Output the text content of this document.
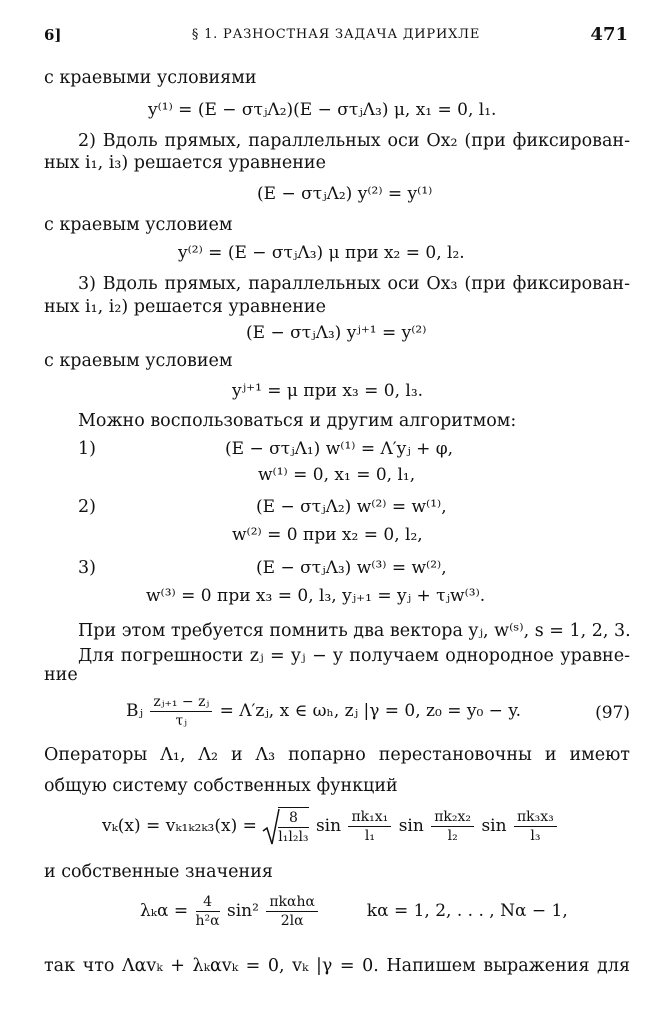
6]	§ 1. РАЗНОСТНАЯ ЗАДАЧА ДИРИХЛЕ	471
с краевыми условиями
y⁽¹⁾ = (E − στⱼΛ₂)(E − στⱼΛ₃) μ, x₁ = 0, l₁.
2) Вдоль прямых, параллельных оси Ox₂ (при фиксирован-
ных i₁, i₃) решается уравнение
(E − στⱼΛ₂) y⁽²⁾ = y⁽¹⁾
с краевым условием
y⁽²⁾ = (E − στⱼΛ₃) μ при x₂ = 0, l₂.
3) Вдоль прямых, параллельных оси Ox₃ (при фиксирован-
ных i₁, i₂) решается уравнение
(E − στⱼΛ₃) yʲ⁺¹ = y⁽²⁾
с краевым условием
yʲ⁺¹ = μ при x₃ = 0, l₃.
Можно воспользоваться и другим алгоритмом:
1)	(E − στⱼΛ₁) w⁽¹⁾ = Λ′yⱼ + φ,
w⁽¹⁾ = 0, x₁ = 0, l₁,
2)	(E − στⱼΛ₂) w⁽²⁾ = w⁽¹⁾,
w⁽²⁾ = 0 при x₂ = 0, l₂,
3)	(E − στⱼΛ₃) w⁽³⁾ = w⁽²⁾,
w⁽³⁾ = 0 при x₃ = 0, l₃, yⱼ₊₁ = yⱼ + τⱼw⁽³⁾.
При этом требуется помнить два вектора yⱼ, w⁽ˢ⁾, s = 1, 2, 3.
Для погрешности zⱼ = yⱼ − y получаем однородное уравне-
ние
Bⱼ $\frac{\text{zⱼ₊₁ − zⱼ}}{\text{τⱼ}}$ = Λ′zⱼ, x ∈ ωₕ, zⱼ |γ = 0, z₀ = y₀ − y.	(97)
Операторы Λ₁, Λ₂ и Λ₃ попарно перестановочны и имеют
общую систему собственных функций
$v_k(x) = v_{k1k2k3}(x) = \frac{8}{\text{l₁l₂l₃}}$ $\sin \frac{\text{πk₁x₁}}{\text{l₁}}$ $\sin \frac{\text{πk₂x₂}}{\text{l₂}}$ $\sin \frac{\text{πk₃x₃}}{\text{l₃}}$
и собственные значения
$\lambda_k\alpha = \frac{4}{\text{h²α}} \sin^2 \frac{\text{πkαhα}}{2l\alpha}$	kα = 1, 2, . . . , Nα − 1,
так что Λαvₖ + λₖαvₖ = 0, vₖ |γ = 0. Напишем выражения для
